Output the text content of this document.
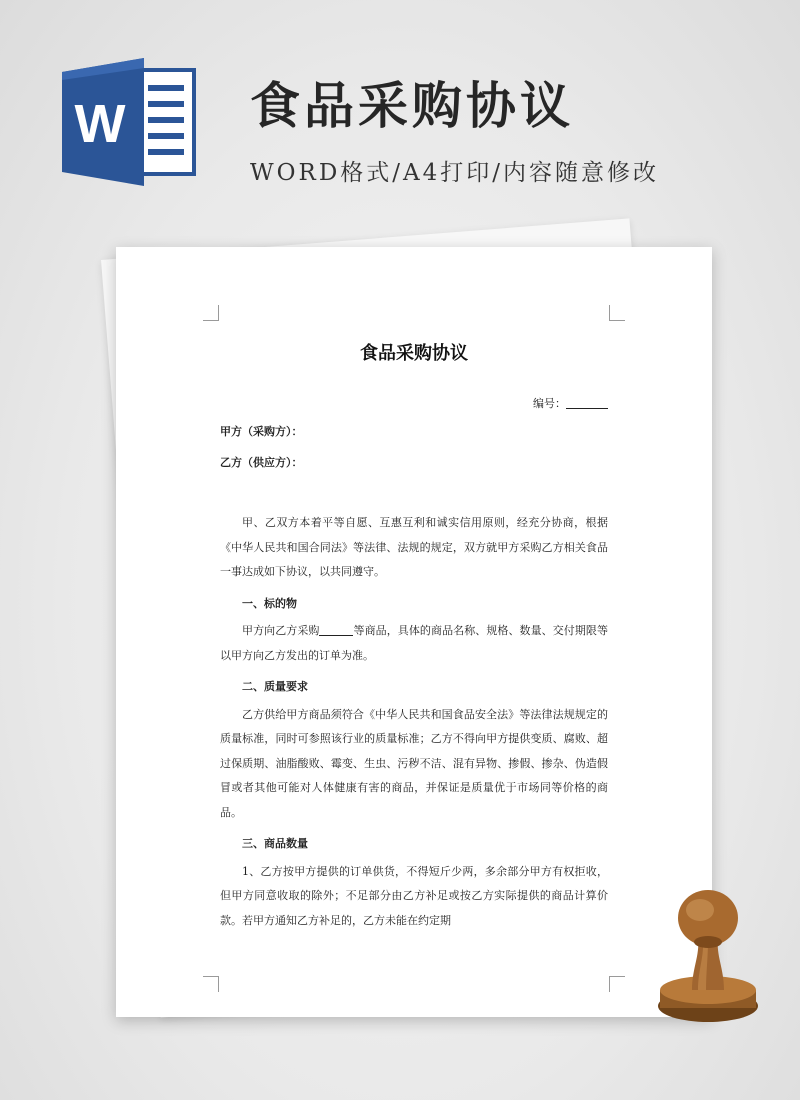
W 食品采购协议

WORD格式/A4打印/内容随意修改

食品采购协议
编号：
甲方（采购方）：
乙方（供应方）：

甲、乙双方本着平等自愿、互惠互利和诚实信用原则，经充分协商，根据《中华人民共和国合同法》等法律、法规的规定，双方就甲方采购乙方相关食品一事达成如下协议，以共同遵守。

一、标的物

甲方向乙方采购	等商品，具体的商品名称、规格、数量、交付期限等以甲方向乙方发出的订单为准。

二、质量要求

乙方供给甲方商品须符合《中华人民共和国食品安全法》等法律法规规定的质量标准，同时可参照该行业的质量标准；乙方不得向甲方提供变质、腐败、超过保质期、油脂酸败、霉变、生虫、污秽不洁、混有异物、掺假、掺杂、伪造假冒或者其他可能对人体健康有害的商品，并保证是质量优于市场同等价格的商品。

三、商品数量

1、乙方按甲方提供的订单供货，不得短斤少两，多余部分甲方有权拒收，但甲方同意收取的除外；不足部分由乙方补足或按乙方实际提供的商品计算价款。若甲方通知乙方补足的，乙方未能在约定期
